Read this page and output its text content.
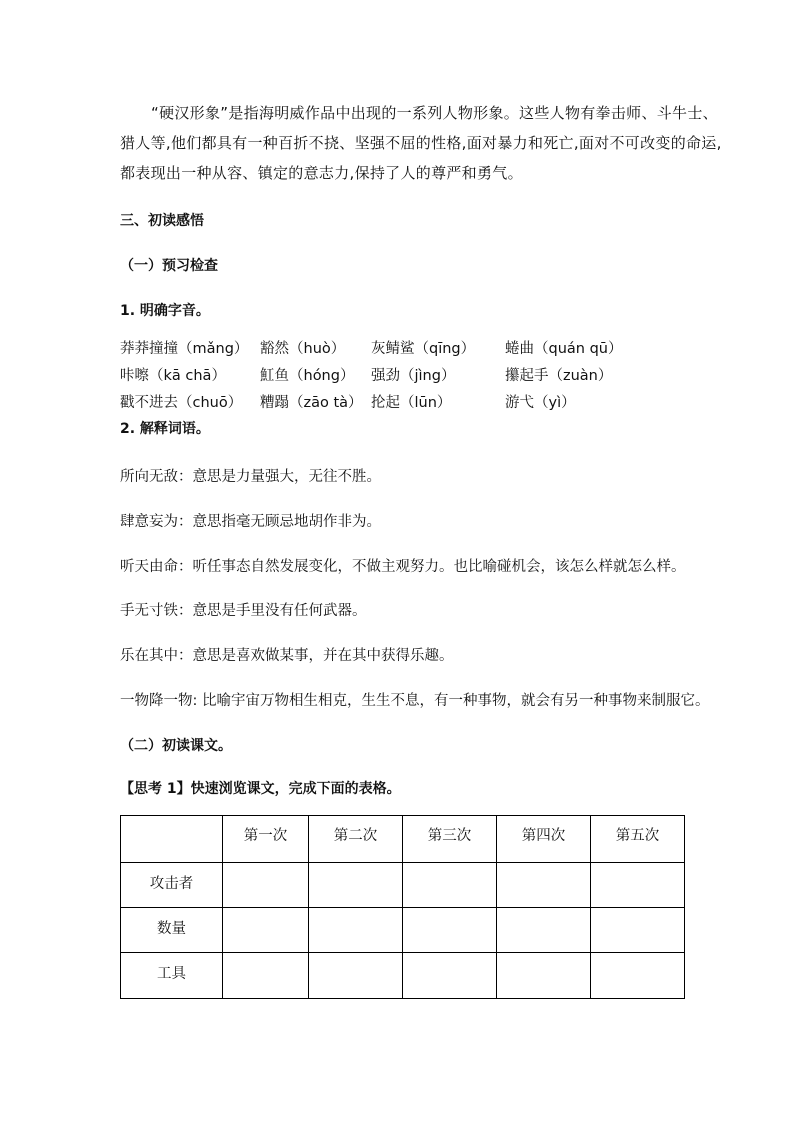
“硬汉形象”是指海明威作品中出现的一系列人物形象。这些人物有拳击师、斗牛士、
猎人等,他们都具有一种百折不挠、坚强不屈的性格,面对暴力和死亡,面对不可改变的命运,
都表现出一种从容、镇定的意志力,保持了人的尊严和勇气。
三、初读感悟
（一）预习检查
1. 明确字音。
莽莽撞撞（mǎng） 豁然（huò） 灰鲭鲨（qīng） 蜷曲（quán qū）
咔嚓（kā chā） 魟鱼（hóng） 强劲（jìng）	攥起手（zuàn）
戳不进去（chuō） 糟蹋（zāo tà） 抡起（lūn）	游弋（yì）
2. 解释词语。
所向无敌：意思是力量强大，无往不胜。
肆意妄为：意思指毫无顾忌地胡作非为。
听天由命：听任事态自然发展变化，不做主观努力。也比喻碰机会，该怎么样就怎么样。
手无寸铁：意思是手里没有任何武器。
乐在其中：意思是喜欢做某事，并在其中获得乐趣。
一物降一物: 比喻宇宙万物相生相克，生生不息，有一种事物，就会有另一种事物来制服它。
（二）初读课文。
【思考 1】快速浏览课文，完成下面的表格。
	第一次	第二次	第三次	第四次	第五次
攻击者					
数量					
工具					
